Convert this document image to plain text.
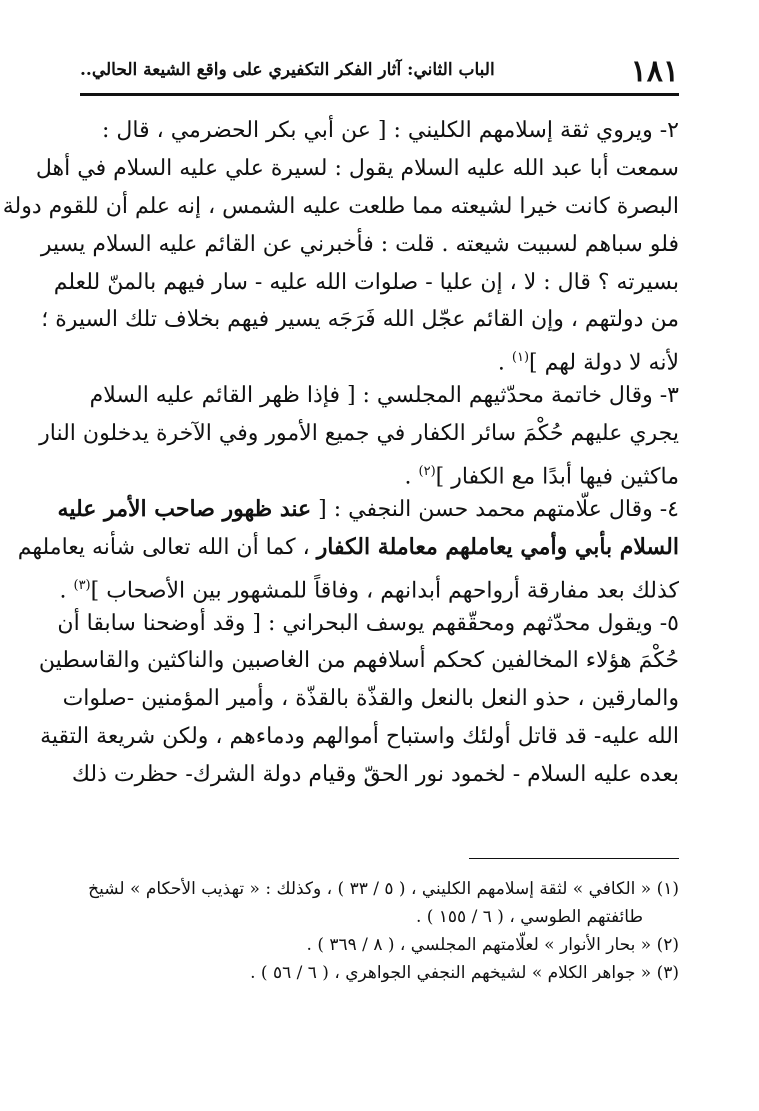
١٨١
الباب الثاني: آثار الفكر التكفيري على واقع الشيعة الحالي..
٢- ويروي ثقة إسلامهم الكليني : [ عن أبي بكر الحضرمي ، قال :
سمعت أبا عبد الله عليه السلام يقول : لسيرة علي عليه السلام في أهل
البصرة كانت خيرا لشيعته مما طلعت عليه الشمس ، إنه علم أن للقوم دولة
فلو سباهم لسبيت شيعته . قلت : فأخبرني عن القائم عليه السلام يسير
بسيرته ؟ قال : لا ، إن عليا - صلوات الله عليه - سار فيهم بالمنّ للعلم
من دولتهم ، وإن القائم عجّل الله فَرَجَه يسير فيهم بخلاف تلك السيرة ؛
لأنه لا دولة لهم ]$^{(١)}$ .
٣- وقال خاتمة محدّثيهم المجلسي : [ فإذا ظهر القائم عليه السلام
يجري عليهم حُكْمَ سائر الكفار في جميع الأمور وفي الآخرة يدخلون النار
ماكثين فيها أبدًا مع الكفار ]$^{(٢)}$ .
٤- وقال علّامتهم محمد حسن النجفي : [ عند ظهور صاحب الأمر عليه
السلام بأبي وأمي يعاملهم معاملة الكفار ، كما أن الله تعالى شأنه يعاملهم
كذلك بعد مفارقة أرواحهم أبدانهم ، وفاقاً للمشهور بين الأصحاب ]$^{(٣)}$ .
٥- ويقول محدّثهم ومحقّقهم يوسف البحراني : [ وقد أوضحنا سابقا أن
حُكْمَ هؤلاء المخالفين كحكم أسلافهم من الغاصبين والناكثين والقاسطين
والمارقين ، حذو النعل بالنعل والقذّة بالقذّة ، وأمير المؤمنين -صلوات
الله عليه- قد قاتل أولئك واستباح أموالهم ودماءهم ، ولكن شريعة التقية
بعده عليه السلام - لخمود نور الحقّ وقيام دولة الشرك- حظرت ذلك
(١) « الكافي » لثقة إسلامهم الكليني ، ( ٥ / ٣٣ ) ، وكذلك : « تهذيب الأحكام » لشيخ
طائفتهم الطوسي ، ( ٦ / ١٥٥ ) .
(٢) « بحار الأنوار » لعلّامتهم المجلسي ، ( ٨ / ٣٦٩ ) .
(٣) « جواهر الكلام » لشيخهم النجفي الجواهري ، ( ٦ / ٥٦ ) .
